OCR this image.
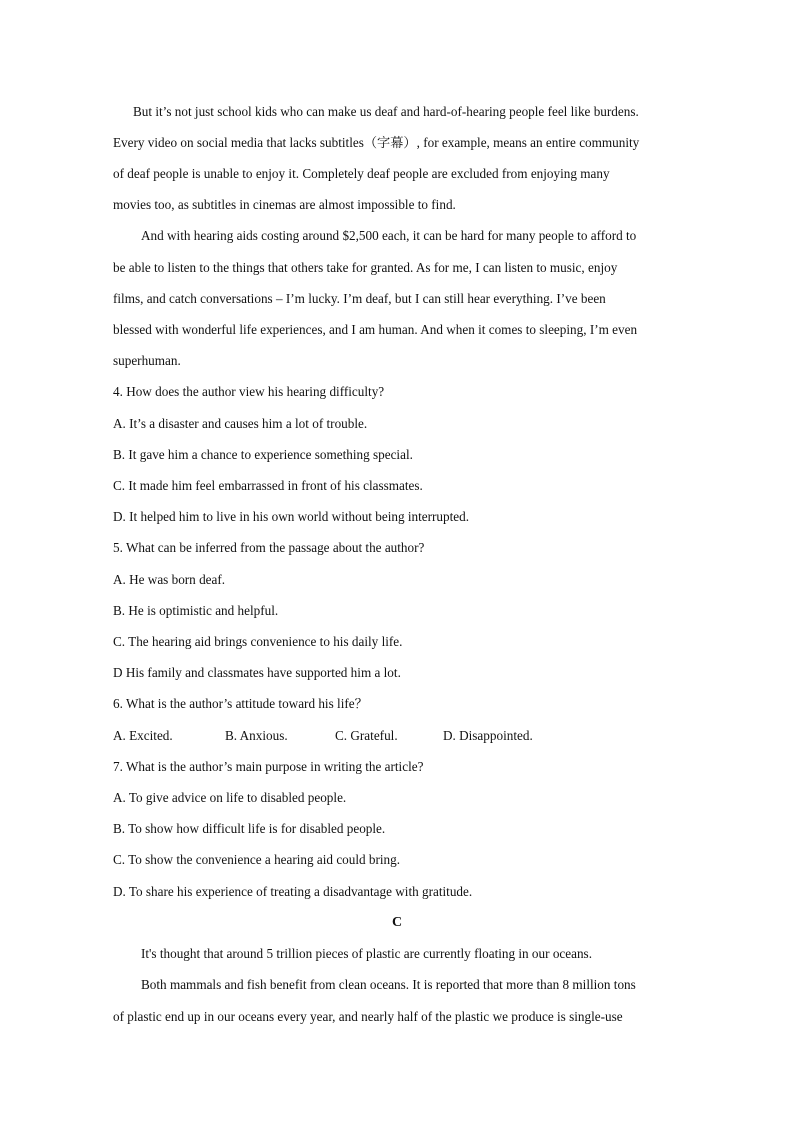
But it’s not just school kids who can make us deaf and hard-of-hearing people feel like burdens.
Every video on social media that lacks subtitles（字幕）, for example, means an entire community
of deaf people is unable to enjoy it. Completely deaf people are excluded from enjoying many
movies too, as subtitles in cinemas are almost impossible to find.
And with hearing aids costing around $2,500 each, it can be hard for many people to afford to
be able to listen to the things that others take for granted. As for me, I can listen to music, enjoy
films, and catch conversations – I’m lucky. I’m deaf, but I can still hear everything. I’ve been
blessed with wonderful life experiences, and I am human. And when it comes to sleeping, I’m even
superhuman.
4. How does the author view his hearing difficulty?
A. It’s a disaster and causes him a lot of trouble.
B. It gave him a chance to experience something special.
C. It made him feel embarrassed in front of his classmates.
D. It helped him to live in his own world without being interrupted.
5. What can be inferred from the passage about the author?
A. He was born deaf.
B. He is optimistic and helpful.
C. The hearing aid brings convenience to his daily life.
D His family and classmates have supported him a lot.
6. What is the author’s attitude toward his life？
A. Excited.	B. Anxious.	C. Grateful.	D. Disappointed.
7. What is the author’s main purpose in writing the article?
A. To give advice on life to disabled people.
B. To show how difficult life is for disabled people.
C. To show the convenience a hearing aid could bring.
D. To share his experience of treating a disadvantage with gratitude.
C
It's thought that around 5 trillion pieces of plastic are currently floating in our oceans.
Both mammals and fish benefit from clean oceans. It is reported that more than 8 million tons
of plastic end up in our oceans every year, and nearly half of the plastic we produce is single-use
